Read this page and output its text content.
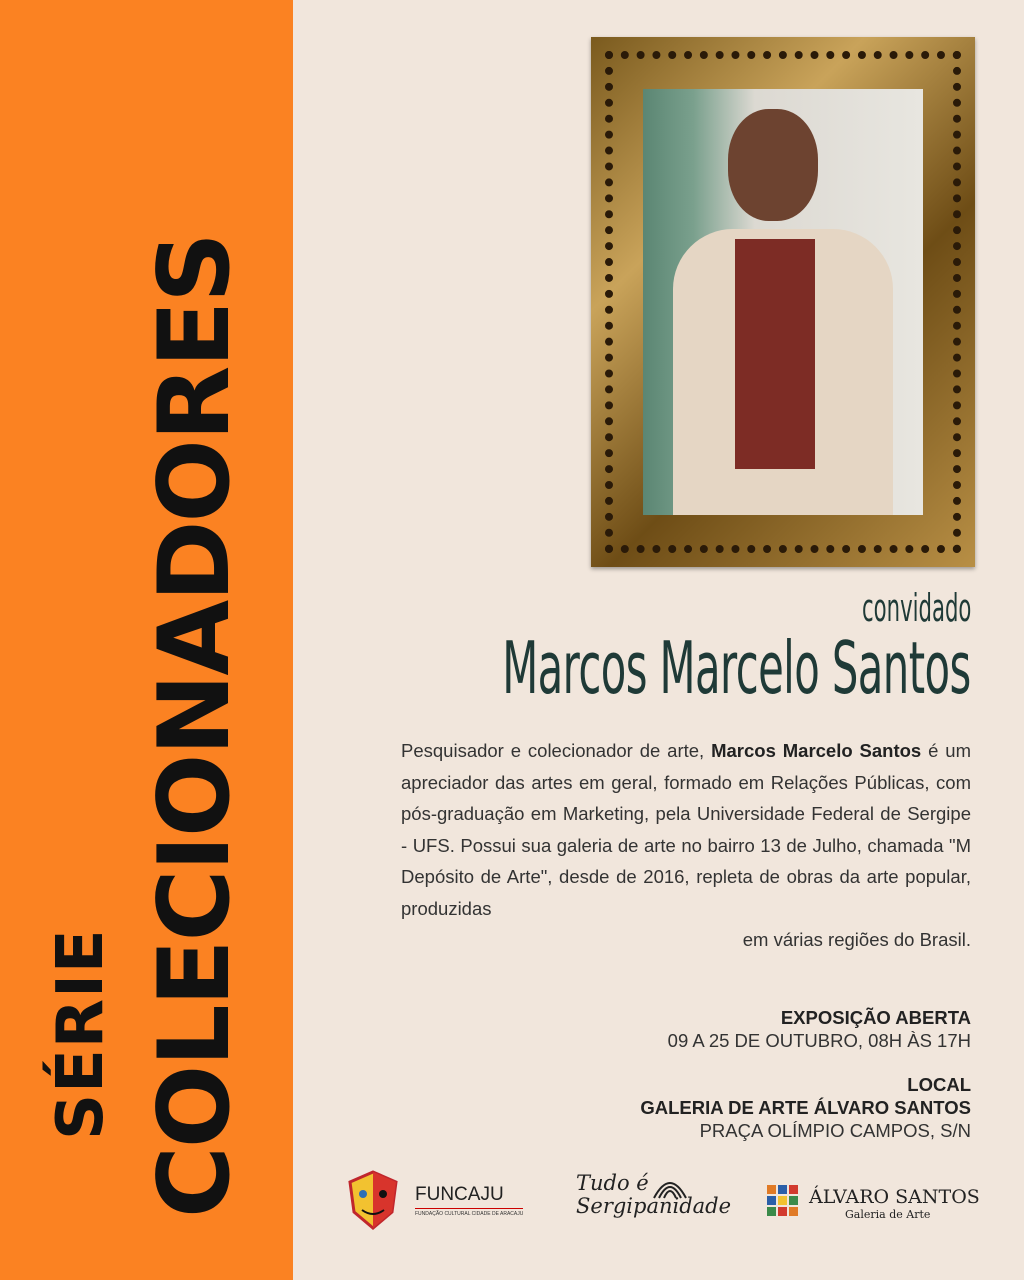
SÉRIE COLECIONADORES	convidado
Marcos Marcelo Santos
Pesquisador e colecionador de arte, Marcos Marcelo Santos é um apreciador das artes em geral, formado em Relações Públicas, com pós-graduação em Marketing, pela Universidade Federal de Sergipe - UFS. Possui sua galeria de arte no bairro 13 de Julho, chamada "M Depósito de Arte", desde de 2016, repleta de obras da arte popular, produzidas
em várias regiões do Brasil.
EXPOSIÇÃO ABERTA
09 A 25 DE OUTUBRO, 08H ÀS 17H
LOCAL
GALERIA DE ARTE ÁLVARO SANTOS
PRAÇA OLÍMPIO CAMPOS, S/N
FUNCAJU
FUNDAÇÃO CULTURAL CIDADE DE ARACAJU
Tudo é
Sergipanidade	ÁLVARO SANTOS
Galeria de Arte
